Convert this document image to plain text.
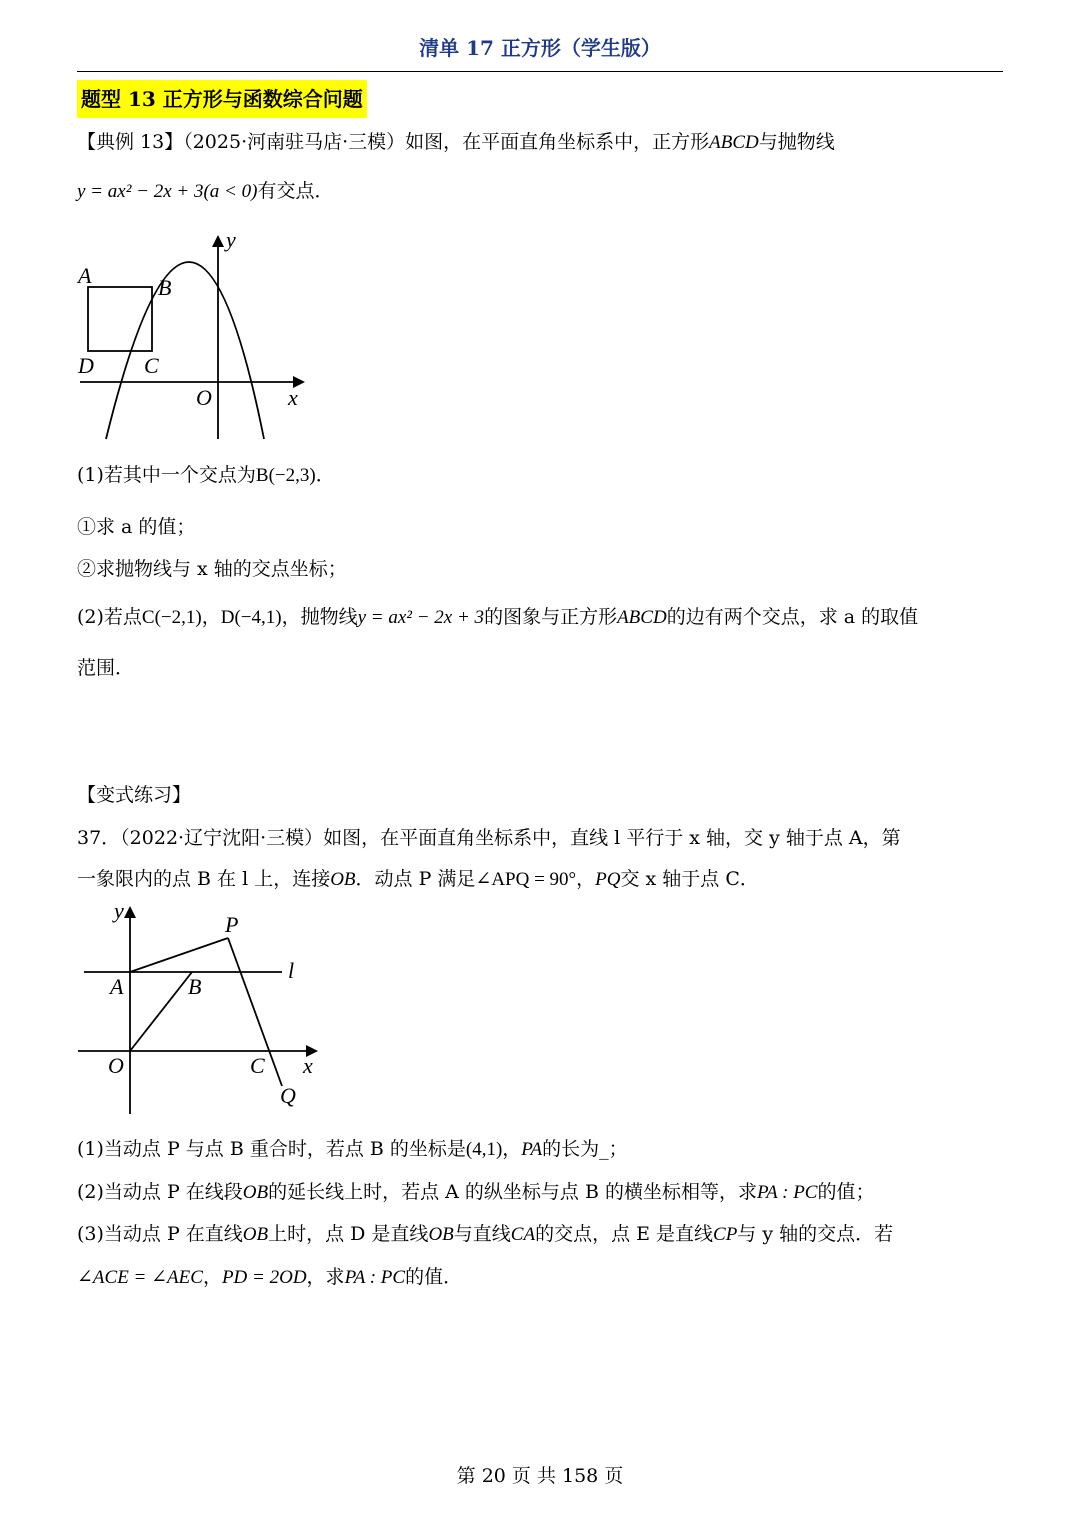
清单 17 正方形（学生版）
题型 13 正方形与函数综合问题
【典例 13】（2025·河南驻马店·三模）如图，在平面直角坐标系中，正方形ABCD与抛物线
y = ax² − 2x + 3(a < 0)有交点．
A	B
D C
O	x
y
(1)若其中一个交点为B(−2,3)．
①求 a 的值；
②求抛物线与 x 轴的交点坐标；
(2)若点C(−2,1)，D(−4,1)，抛物线y = ax² − 2x + 3的图象与正方形ABCD的边有两个交点，求 a 的取值
范围．
【变式练习】
37．（2022·辽宁沈阳·三模）如图，在平面直角坐标系中，直线 l 平行于 x 轴，交 y 轴于点 A，第
一象限内的点 B 在 l 上，连接OB．动点 P 满足∠APQ = 90°，PQ交 x 轴于点 C．
y
P
l
A	B
O	C x
Q
(1)当动点 P 与点 B 重合时，若点 B 的坐标是(4,1)，PA的长为_；
(2)当动点 P 在线段OB的延长线上时，若点 A 的纵坐标与点 B 的横坐标相等，求PA : PC的值；
(3)当动点 P 在直线OB上时，点 D 是直线OB与直线CA的交点，点 E 是直线CP与 y 轴的交点．若
∠ACE = ∠AEC，PD = 2OD，求PA : PC的值．
第 20 页 共 158 页
